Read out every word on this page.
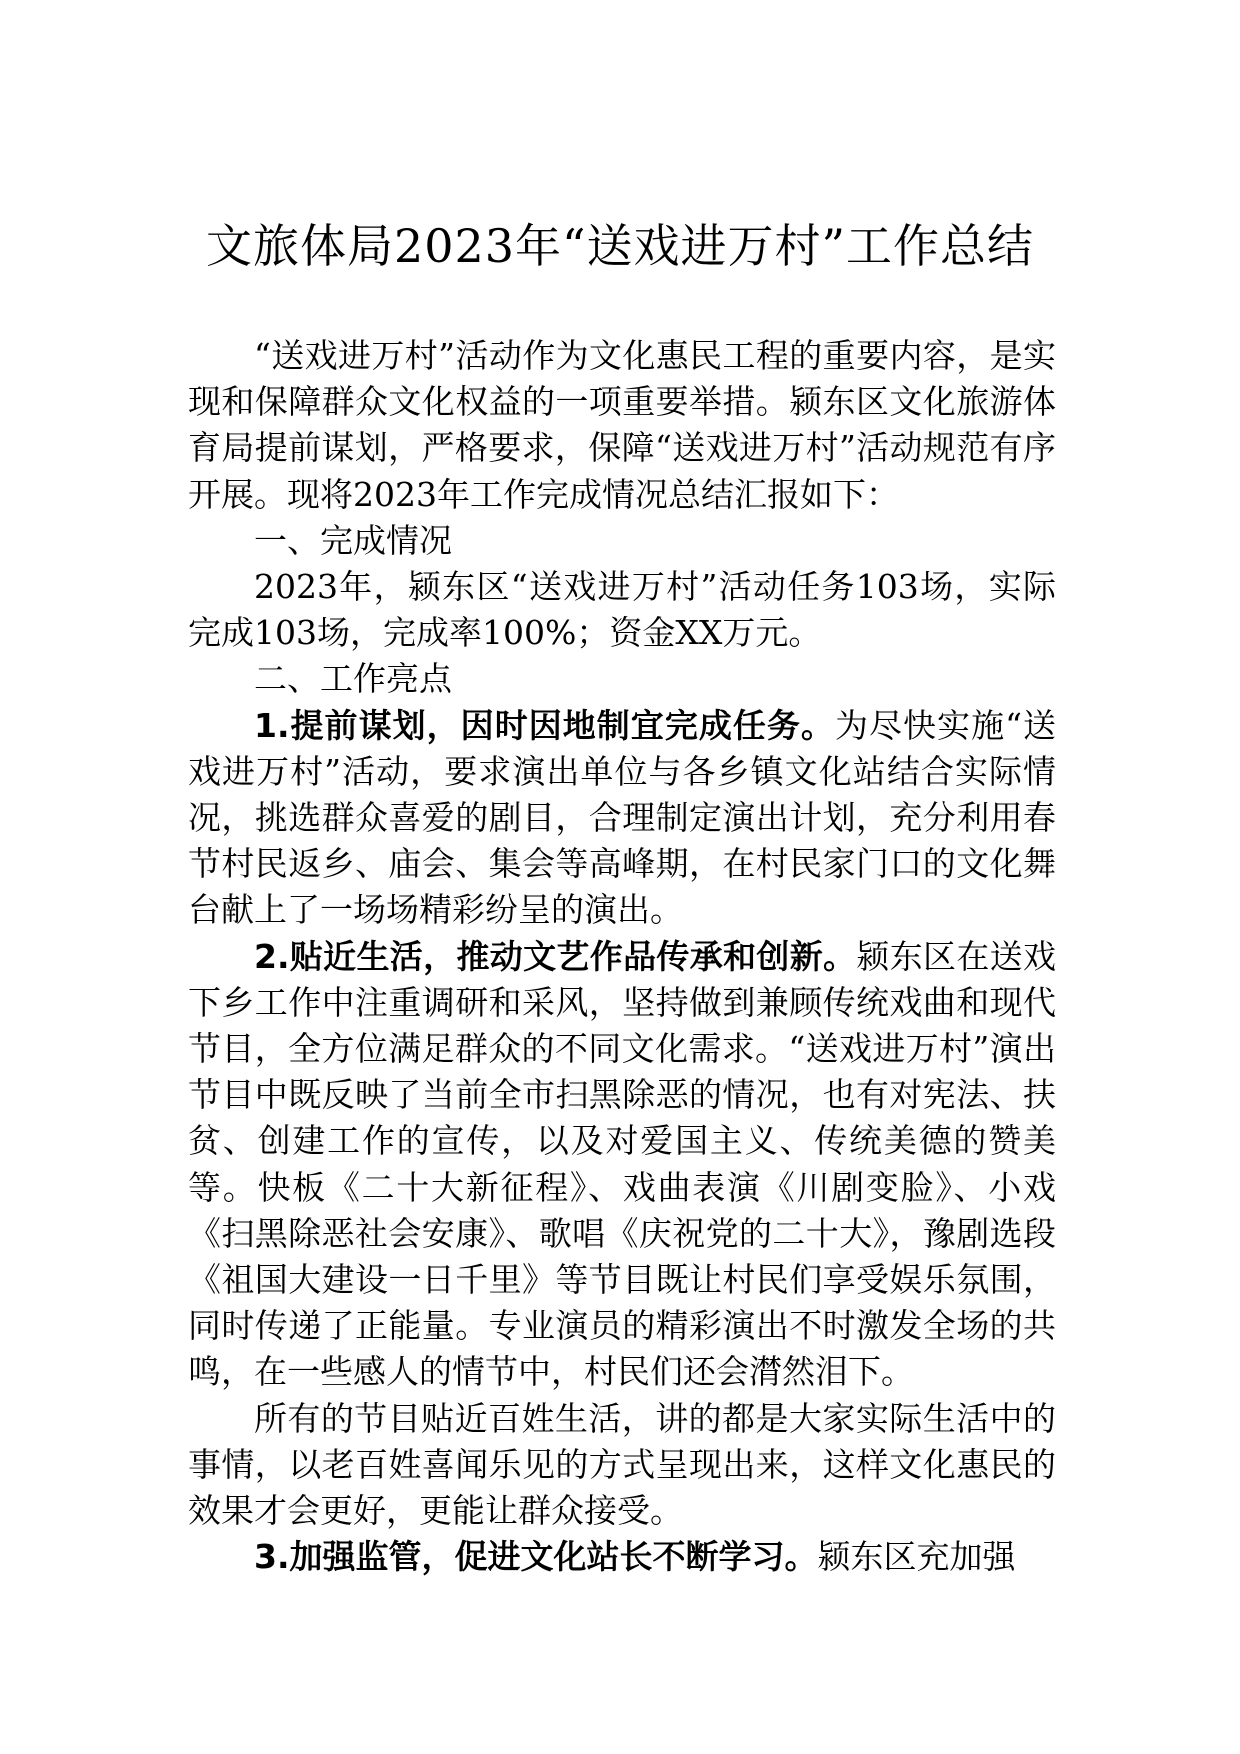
文旅体局2023年“送戏进万村”工作总结

“送戏进万村”活动作为文化惠民工程的重要内容，是实现和保障群众文化权益的一项重要举措。颍东区文化旅游体育局提前谋划，严格要求，保障“送戏进万村”活动规范有序开展。现将2023年工作完成情况总结汇报如下：

一、完成情况

2023年，颍东区“送戏进万村”活动任务103场，实际完成103场，完成率100%；资金XX万元。

二、工作亮点

1.提前谋划，因时因地制宜完成任务。为尽快实施“送戏进万村”活动，要求演出单位与各乡镇文化站结合实际情况，挑选群众喜爱的剧目，合理制定演出计划，充分利用春节村民返乡、庙会、集会等高峰期，在村民家门口的文化舞台献上了一场场精彩纷呈的演出。

2.贴近生活，推动文艺作品传承和创新。颍东区在送戏下乡工作中注重调研和采风，坚持做到兼顾传统戏曲和现代节目，全方位满足群众的不同文化需求。“送戏进万村”演出节目中既反映了当前全市扫黑除恶的情况，也有对宪法、扶贫、创建工作的宣传，以及对爱国主义、传统美德的赞美等。快板《二十大新征程》、戏曲表演《川剧变脸》、小戏《扫黑除恶社会安康》、歌唱《庆祝党的二十大》，豫剧选段《祖国大建设一日千里》等节目既让村民们享受娱乐氛围，同时传递了正能量。专业演员的精彩演出不时激发全场的共鸣，在一些感人的情节中，村民们还会潸然泪下。

所有的节目贴近百姓生活，讲的都是大家实际生活中的事情，以老百姓喜闻乐见的方式呈现出来，这样文化惠民的效果才会更好，更能让群众接受。

3.加强监管，促进文化站长不断学习。颍东区充加强
